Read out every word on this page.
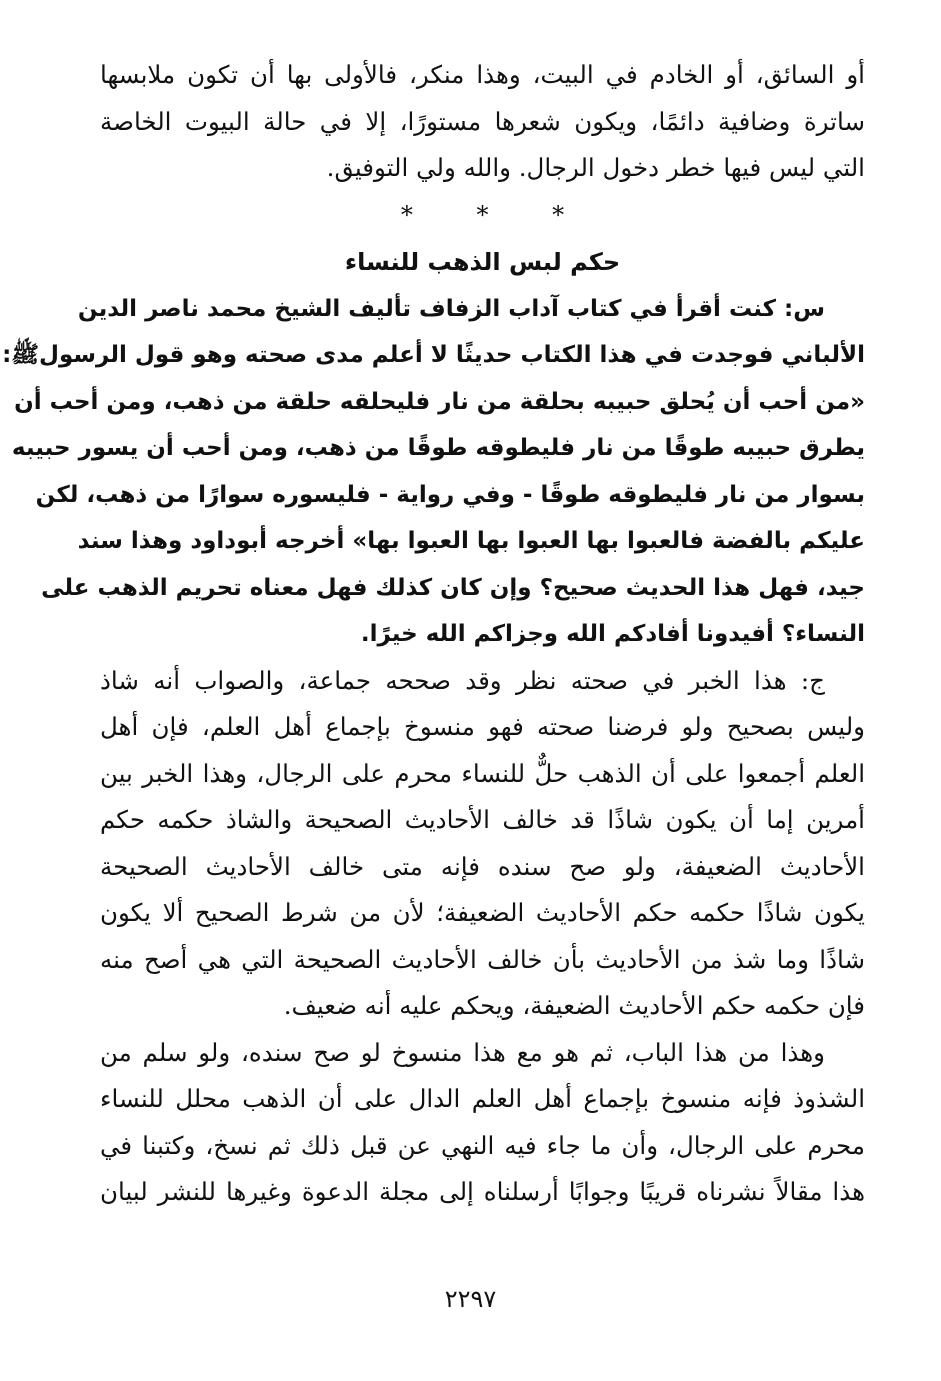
أو السائق، أو الخادم في البيت، وهذا منكر، فالأولى بها أن تكون ملابسها
ساترة وضافية دائمًا، ويكون شعرها مستورًا، إلا في حالة البيوت الخاصة
التي ليس فيها خطر دخول الرجال. والله ولي التوفيق.
* * *
حكم لبس الذهب للنساء
س: كنت أقرأ في كتاب آداب الزفاف تأليف الشيخ محمد ناصر الدين
الألباني فوجدت في هذا الكتاب حديثًا لا أعلم مدى صحته وهو قول الرسولﷺ:
«من أحب أن يُحلق حبيبه بحلقة من نار فليحلقه حلقة من ذهب، ومن أحب أن
يطرق حبيبه طوقًا من نار فليطوقه طوقًا من ذهب، ومن أحب أن يسور حبيبه
بسوار من نار فليطوقه طوقًا - وفي رواية - فليسوره سوارًا من ذهب، لكن
عليكم بالفضة فالعبوا بها العبوا بها العبوا بها» أخرجه أبوداود وهذا سند
جيد، فهل هذا الحديث صحيح؟ وإن كان كذلك فهل معناه تحريم الذهب على
النساء؟ أفيدونا أفادكم الله وجزاكم الله خيرًا.
ج: هذا الخبر في صحته نظر وقد صححه جماعة، والصواب أنه شاذ
وليس بصحيح ولو فرضنا صحته فهو منسوخ بإجماع أهل العلم، فإن أهل
العلم أجمعوا على أن الذهب حلٌّ للنساء محرم على الرجال، وهذا الخبر بين
أمرين إما أن يكون شاذًا قد خالف الأحاديث الصحيحة والشاذ حكمه حكم
الأحاديث الضعيفة، ولو صح سنده فإنه متى خالف الأحاديث الصحيحة
يكون شاذًا حكمه حكم الأحاديث الضعيفة؛ لأن من شرط الصحيح ألا يكون
شاذًا وما شذ من الأحاديث بأن خالف الأحاديث الصحيحة التي هي أصح منه
فإن حكمه حكم الأحاديث الضعيفة، ويحكم عليه أنه ضعيف.
وهذا من هذا الباب، ثم هو مع هذا منسوخ لو صح سنده، ولو سلم من
الشذوذ فإنه منسوخ بإجماع أهل العلم الدال على أن الذهب محلل للنساء
محرم على الرجال، وأن ما جاء فيه النهي عن قبل ذلك ثم نسخ، وكتبنا في
هذا مقالاً نشرناه قريبًا وجوابًا أرسلناه إلى مجلة الدعوة وغيرها للنشر لبيان
٢٢٩٧
